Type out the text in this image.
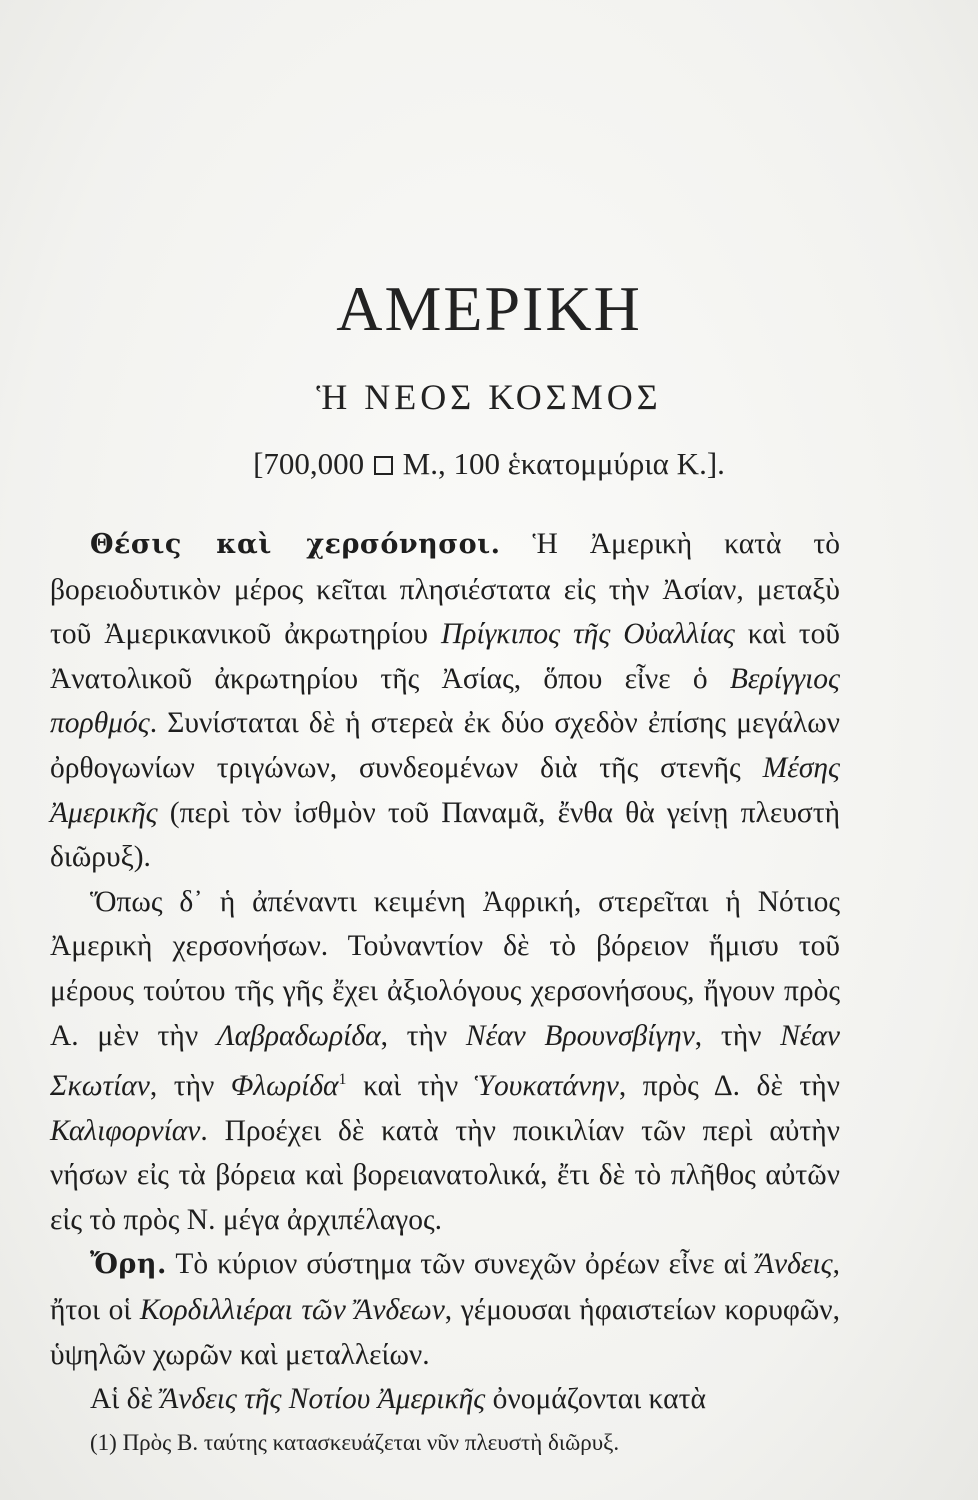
ΑΜΕΡΙΚΗ
Ἡ ΝΕΟΣ ΚΟΣΜΟΣ
[700,000 Μ., 100 ἑκατομμύρια Κ.].

Θέσις καὶ χερσόνησοι. Ἡ Ἀμερικὴ κατὰ τὸ βορειοδυτικὸν μέρος κεῖται πλησιέστατα εἰς τὴν Ἀσίαν, μεταξὺ τοῦ Ἀμερικανικοῦ ἀκρωτηρίου Πρίγκιπος τῆς Οὐαλλίας καὶ τοῦ Ἀνατολικοῦ ἀκρωτηρίου τῆς Ἀσίας, ὅπου εἶνε ὁ Βερίγγιος πορθμός. Συνίσταται δὲ ἡ στερεὰ ἐκ δύο σχεδὸν ἐπίσης μεγάλων ὀρθογωνίων τριγώνων, συνδεομένων διὰ τῆς στενῆς Μέσης Ἀμερικῆς (περὶ τὸν ἰσθμὸν τοῦ Παναμᾶ, ἔνθα θὰ γείνῃ πλευστὴ διῶρυξ).

Ὅπως δ᾽ ἡ ἀπέναντι κειμένη Ἀφρική, στερεῖται ἡ Νότιος Ἀμερικὴ χερσονήσων. Τοὐναντίον δὲ τὸ βόρειον ἥμισυ τοῦ μέρους τούτου τῆς γῆς ἔχει ἀξιολόγους χερσονήσους, ἤγουν πρὸς Α. μὲν τὴν Λαβραδωρίδα, τὴν Νέαν Βρουνσβίγην, τὴν Νέαν Σκωτίαν, τὴν Φλωρίδα$^1$ καὶ τὴν Ὑουκατάνην, πρὸς Δ. δὲ τὴν Καλιφορνίαν. Προέχει δὲ κατὰ τὴν ποικιλίαν τῶν περὶ αὐτὴν νήσων εἰς τὰ βόρεια καὶ βορειανατολικά, ἔτι δὲ τὸ πλῆθος αὐτῶν εἰς τὸ πρὸς Ν. μέγα ἀρχιπέλαγος.

Ὄρη. Τὸ κύριον σύστημα τῶν συνεχῶν ὀρέων εἶνε αἱ Ἄνδεις, ἤτοι οἱ Κορδιλλιέραι τῶν Ἄνδεων, γέμουσαι ἡφαιστείων κορυφῶν, ὑψηλῶν χωρῶν καὶ μεταλλείων.

Αἱ δὲ Ἄνδεις τῆς Νοτίου Ἀμερικῆς ὀνομάζονται κατὰ

(1) Πρὸς Β. ταύτης κατασκευάζεται νῦν πλευστὴ διῶρυξ.
